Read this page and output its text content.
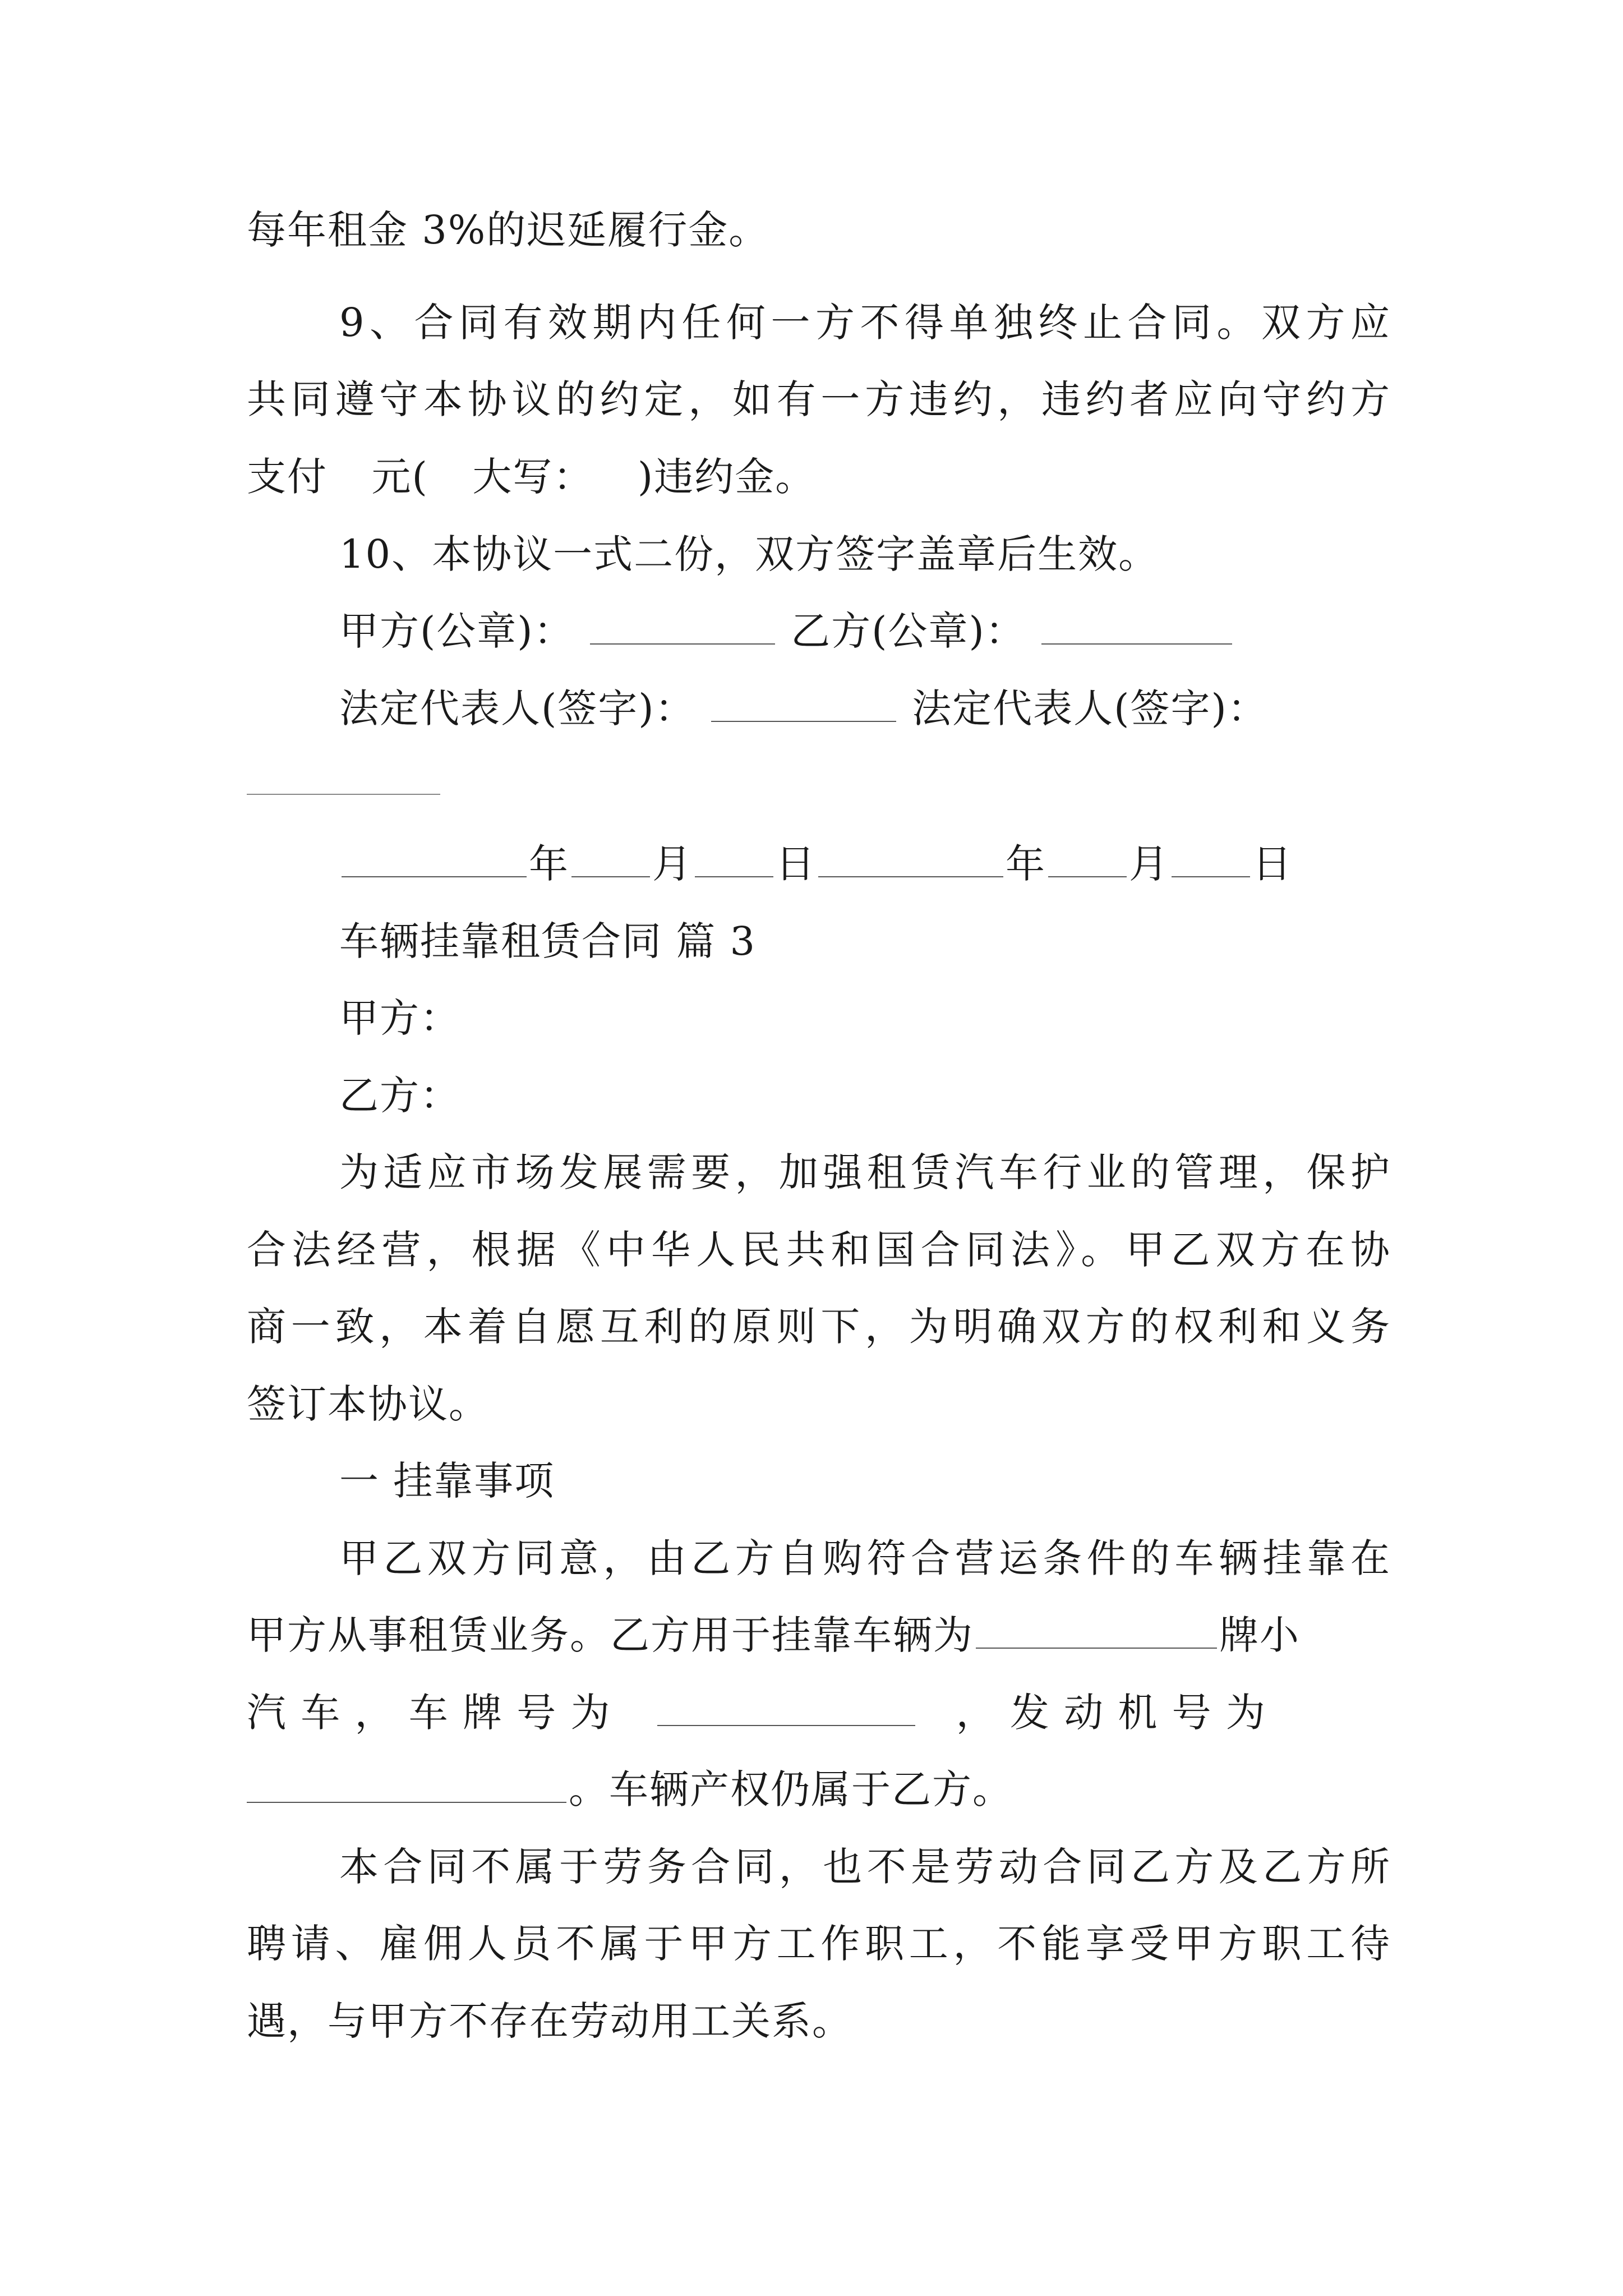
每年租金 3%的迟延履行金。
9、合同有效期内任何一方不得单独终止合同。双方应
共同遵守本协议的约定，如有一方违约，违约者应向守约方
支付 元( 大写： )违约金。
10、本协议一式二份，双方签字盖章后生效。
甲方(公章)：	乙方(公章)：
法定代表人(签字)：	法定代表人(签字)：
年 月 日	年 月 日
车辆挂靠租赁合同 篇 3
甲方：
乙方：
为适应市场发展需要，加强租赁汽车行业的管理，保护
合法经营，根据《中华人民共和国合同法》。甲乙双方在协
商一致，本着自愿互利的原则下，为明确双方的权利和义务
签订本协议。
一 挂靠事项
甲乙双方同意，由乙方自购符合营运条件的车辆挂靠在
甲方从事租赁业务。乙方用于挂靠车辆为	牌小
汽 车 ， 车 牌 号 为	， 发 动 机 号 为
。车辆产权仍属于乙方。
本合同不属于劳务合同，也不是劳动合同乙方及乙方所
聘请、雇佣人员不属于甲方工作职工，不能享受甲方职工待
遇，与甲方不存在劳动用工关系。
